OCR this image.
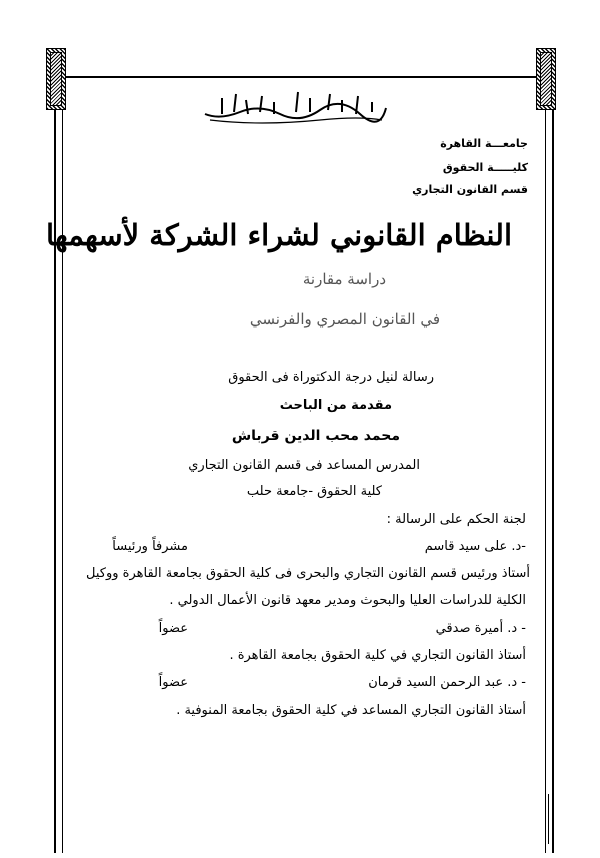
بسم الله الرحمن الرحيم
جامعـــة القاهرة
كليـــــة الحقوق
قسم القانون التجاري
النظام القانوني لشراء الشركة لأسهمها
دراسة مقارنة
في القانون المصري والفرنسي
رسالة لنيل درجة الدكتوراة فى الحقوق
مقدمة من الباحث
محمد محب الدين قرباش
المدرس المساعد فى قسم القانون التجاري
كلية الحقوق -جامعة حلب
لجنة الحكم على الرسالة :
-د. على سيد قاسم
مشرفاً ورئيساً
أستاذ ورئيس قسم القانون التجاري والبحرى فى كلية الحقوق بجامعة القاهرة ووكيل
الكلية للدراسات العليا والبحوث ومدير معهد قانون الأعمال الدولي .
- د. أميرة صدقي
عضواً
أستاذ القانون التجاري في كلية الحقوق بجامعة القاهرة .
- د. عبد الرحمن السيد قرمان
عضواً
أستاذ القانون التجاري المساعد في كلية الحقوق بجامعة المنوفية .
